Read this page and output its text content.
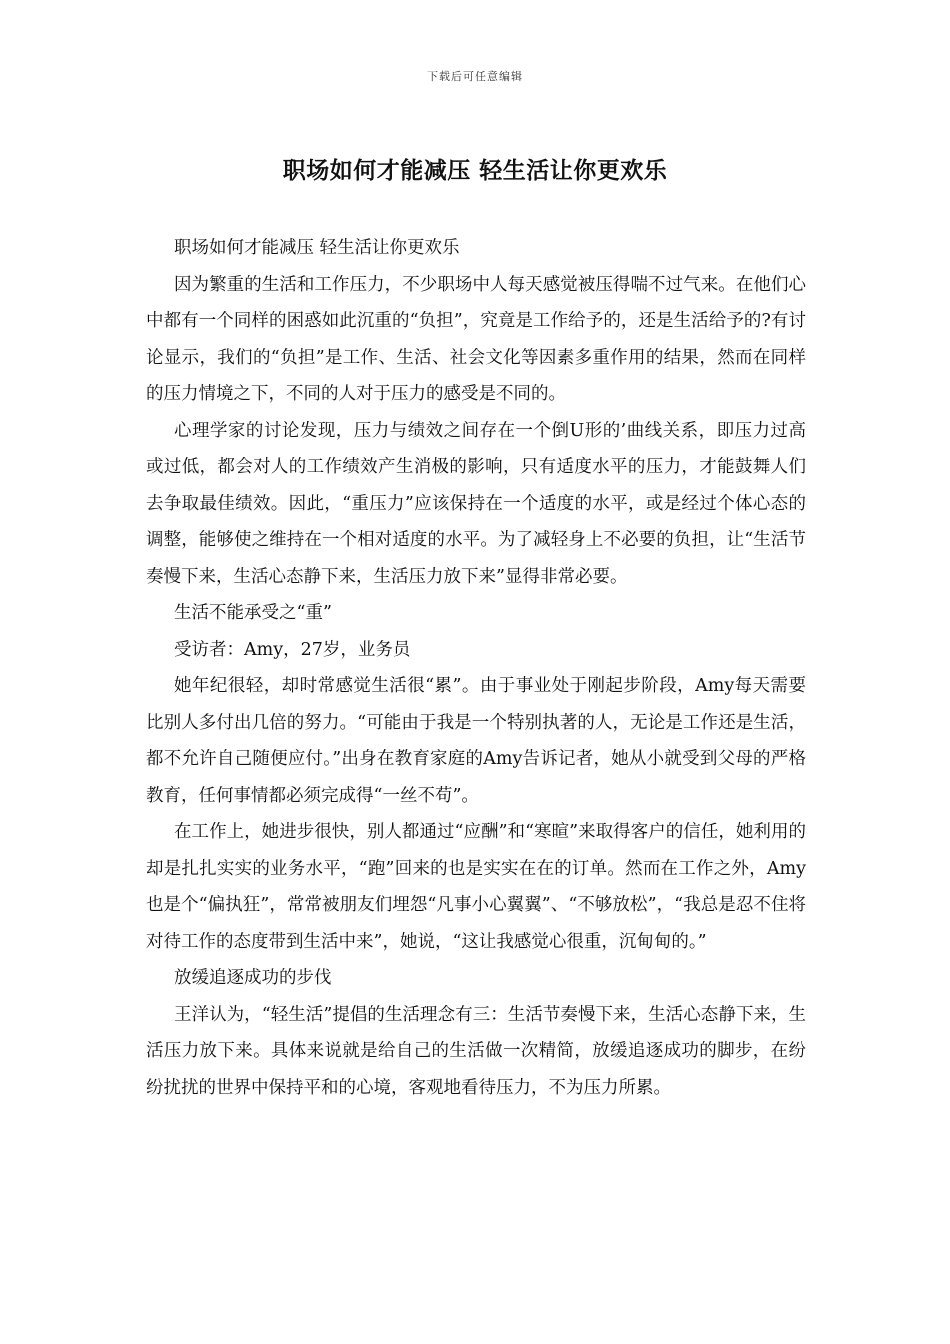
下载后可任意编辑
职场如何才能减压 轻生活让你更欢乐

职场如何才能减压 轻生活让你更欢乐

因为繁重的生活和工作压力，不少职场中人每天感觉被压得喘不过气来。在他们心中都有一个同样的困惑如此沉重的“负担”，究竟是工作给予的，还是生活给予的?有讨论显示，我们的“负担”是工作、生活、社会文化等因素多重作用的结果，然而在同样的压力情境之下，不同的人对于压力的感受是不同的。

心理学家的讨论发现，压力与绩效之间存在一个倒U形的’曲线关系，即压力过高或过低，都会对人的工作绩效产生消极的影响，只有适度水平的压力，才能鼓舞人们去争取最佳绩效。因此，“重压力”应该保持在一个适度的水平，或是经过个体心态的调整，能够使之维持在一个相对适度的水平。为了减轻身上不必要的负担，让“生活节奏慢下来，生活心态静下来，生活压力放下来”显得非常必要。

生活不能承受之“重”

受访者：Amy，27岁，业务员

她年纪很轻，却时常感觉生活很“累”。由于事业处于刚起步阶段，Amy每天需要比别人多付出几倍的努力。“可能由于我是一个特别执著的人，无论是工作还是生活，都不允许自己随便应付。”出身在教育家庭的Amy告诉记者，她从小就受到父母的严格教育，任何事情都必须完成得“一丝不苟”。

在工作上，她进步很快，别人都通过“应酬”和“寒暄”来取得客户的信任，她利用的却是扎扎实实的业务水平，“跑”回来的也是实实在在的订单。然而在工作之外，Amy也是个“偏执狂”，常常被朋友们埋怨“凡事小心翼翼”、“不够放松”，“我总是忍不住将对待工作的态度带到生活中来”，她说，“这让我感觉心很重，沉甸甸的。”

放缓追逐成功的步伐

王洋认为，“轻生活”提倡的生活理念有三：生活节奏慢下来，生活心态静下来，生活压力放下来。具体来说就是给自己的生活做一次精简，放缓追逐成功的脚步，在纷纷扰扰的世界中保持平和的心境，客观地看待压力，不为压力所累。
